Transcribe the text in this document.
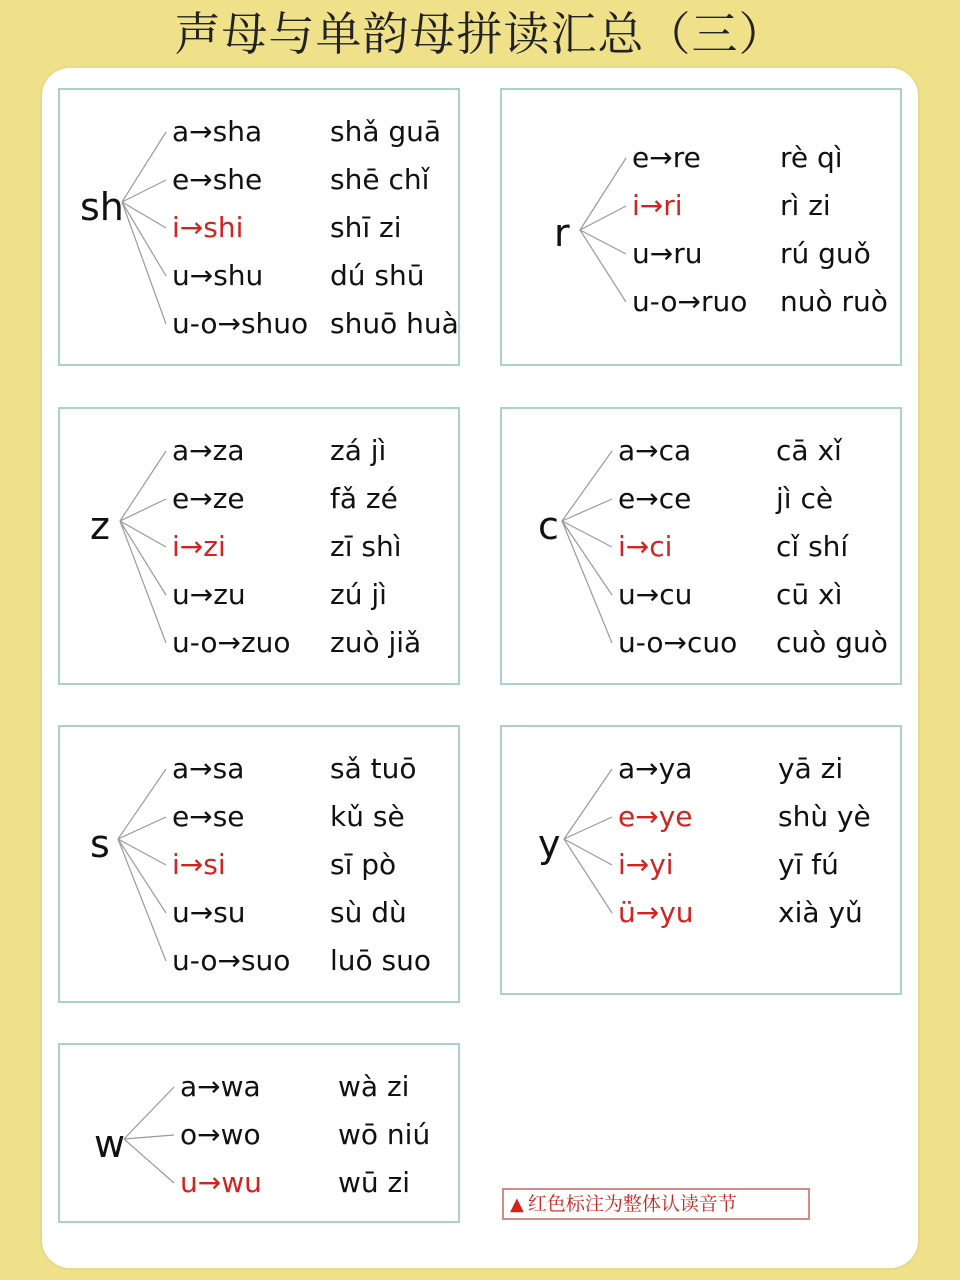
声母与单韵母拼读汇总（三）
sh
a→sha shǎ guā
e→she shē chǐ
i→shi	shī zi
u→shu dú shū
u-o→shuo shuō huà
r
e→re	rè qì
i→ri	rì zi
u→ru	rú guǒ
u-o→ruo nuò ruò
z
a→za	zá jì
e→ze	fǎ zé
i→zi	zī shì
u→zu	zú jì
u-o→zuo zuò jiǎ
c
a→ca	cā xǐ
e→ce	jì cè
i→ci	cǐ shí
u→cu	cū xì
u-o→cuo cuò guò
s
a→sa	sǎ tuō
e→se	kǔ sè
i→si	sī pò
u→su	sù dù
u-o→suo luō suo
y
a→ya	yā zi
e→ye	shù yè
i→yi	yī fú
ü→yu	xià yǔ
w
a→wa	wà zi
o→wo	wō niú
u→wu	wū zi
▲ 红色标注为整体认读音节
